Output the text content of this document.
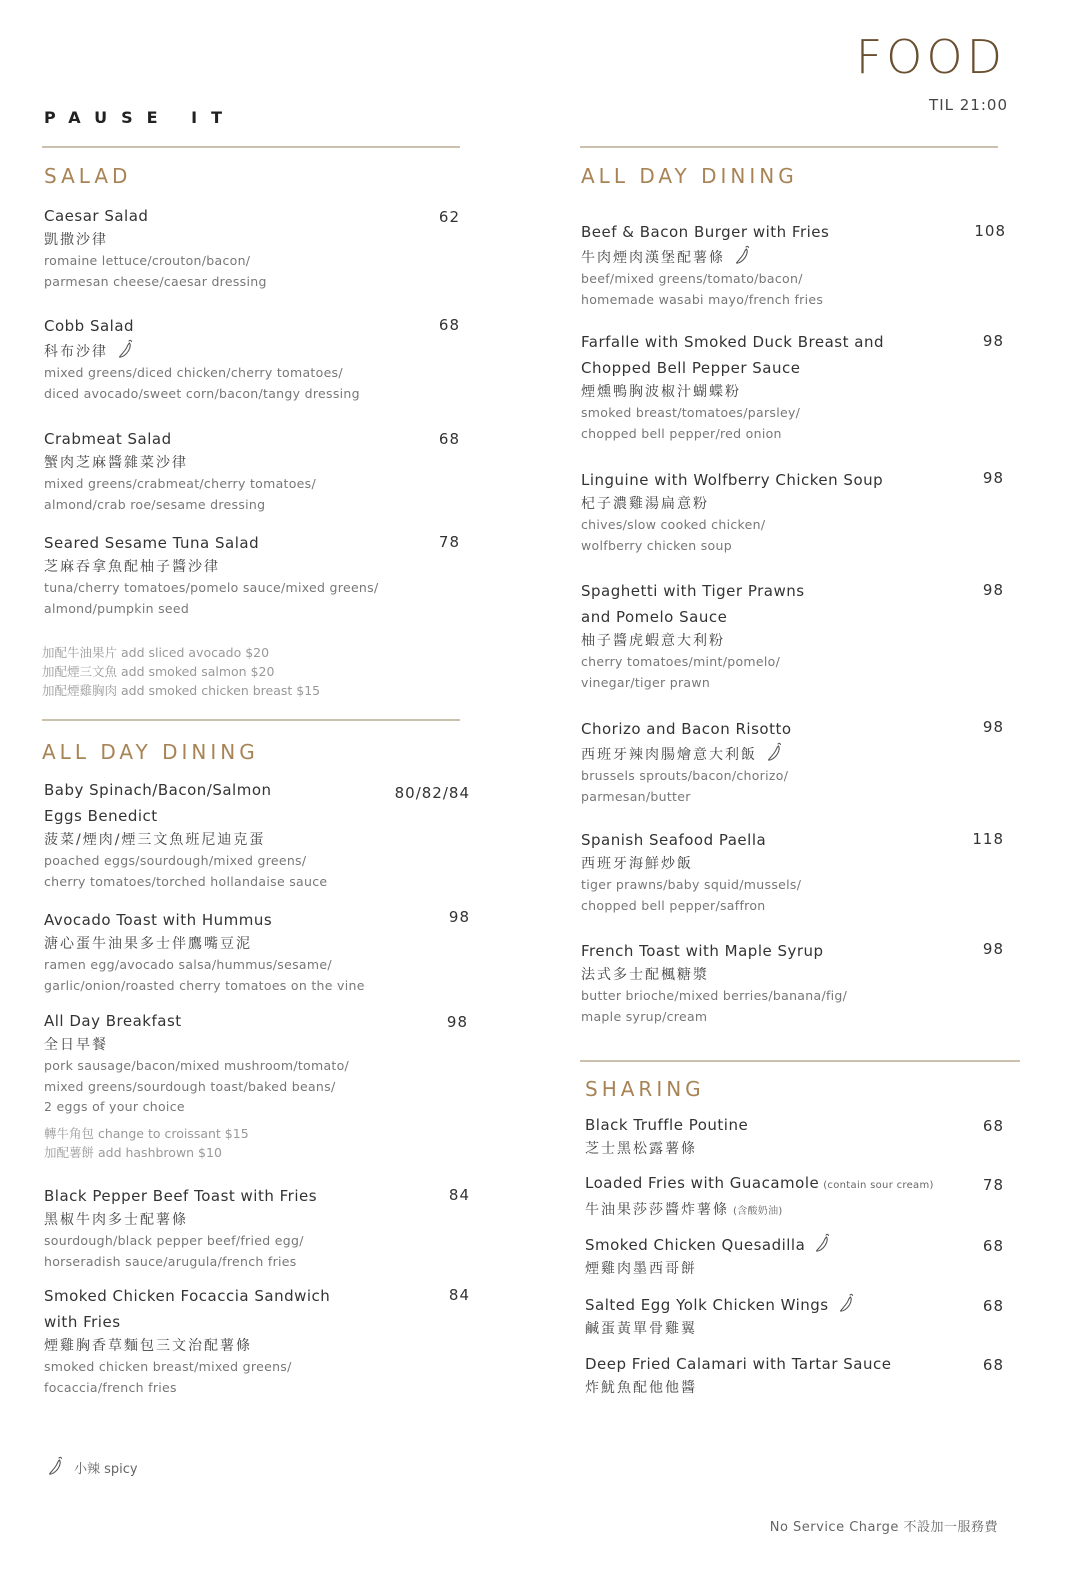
PAUSE IT
FOOD
TIL 21:00
SALAD
Caesar Salad
凱撒沙律
romaine lettuce/crouton/bacon/
parmesan cheese/caesar dressing
62
Cobb Salad
科布沙律
mixed greens/diced chicken/cherry tomatoes/
diced avocado/sweet corn/bacon/tangy dressing
68
Crabmeat Salad
蟹肉芝麻醬雜菜沙律
mixed greens/crabmeat/cherry tomatoes/
almond/crab roe/sesame dressing
68
Seared Sesame Tuna Salad
芝麻吞拿魚配柚子醬沙律
tuna/cherry tomatoes/pomelo sauce/mixed greens/
almond/pumpkin seed
78
加配牛油果片 add sliced avocado $20
加配煙三文魚 add smoked salmon $20
加配煙雞胸肉 add smoked chicken breast $15
ALL DAY DINING
Baby Spinach/Bacon/Salmon
Eggs Benedict
菠菜/煙肉/煙三文魚班尼迪克蛋
poached eggs/sourdough/mixed greens/
cherry tomatoes/torched hollandaise sauce
80/82/84
Avocado Toast with Hummus
溏心蛋牛油果多士伴鷹嘴豆泥
ramen egg/avocado salsa/hummus/sesame/
garlic/onion/roasted cherry tomatoes on the vine
98
All Day Breakfast
全日早餐
pork sausage/bacon/mixed mushroom/tomato/
mixed greens/sourdough toast/baked beans/
2 eggs of your choice
轉牛角包 change to croissant $15
加配薯餅 add hashbrown $10
98
Black Pepper Beef Toast with Fries
黑椒牛肉多士配薯條
sourdough/black pepper beef/fried egg/
horseradish sauce/arugula/french fries
84
Smoked Chicken Focaccia Sandwich
with Fries
煙雞胸香草麵包三文治配薯條
smoked chicken breast/mixed greens/
focaccia/french fries
84
小辣 spicy
ALL DAY DINING
Beef & Bacon Burger with Fries
牛肉煙肉漢堡配薯條
beef/mixed greens/tomato/bacon/
homemade wasabi mayo/french fries
108
Farfalle with Smoked Duck Breast and
Chopped Bell Pepper Sauce
煙燻鴨胸波椒汁蝴蝶粉
smoked breast/tomatoes/parsley/
chopped bell pepper/red onion
98
Linguine with Wolfberry Chicken Soup
杞子濃雞湯扁意粉
chives/slow cooked chicken/
wolfberry chicken soup
98
Spaghetti with Tiger Prawns
and Pomelo Sauce
柚子醬虎蝦意大利粉
cherry tomatoes/mint/pomelo/
vinegar/tiger prawn
98
Chorizo and Bacon Risotto
西班牙辣肉腸燴意大利飯
brussels sprouts/bacon/chorizo/
parmesan/butter
98
Spanish Seafood Paella
西班牙海鮮炒飯
tiger prawns/baby squid/mussels/
chopped bell pepper/saffron
118
French Toast with Maple Syrup
法式多士配楓糖漿
butter brioche/mixed berries/banana/fig/
maple syrup/cream
98
SHARING
Black Truffle Poutine
芝士黑松露薯條
68
Loaded Fries with Guacamole (contain sour cream)
牛油果莎莎醬炸薯條 (含酸奶油)
78
Smoked Chicken Quesadilla
煙雞肉墨西哥餅
68
Salted Egg Yolk Chicken Wings
鹹蛋黃單骨雞翼
68
Deep Fried Calamari with Tartar Sauce
炸魷魚配他他醬
68
No Service Charge 不設加一服務費
